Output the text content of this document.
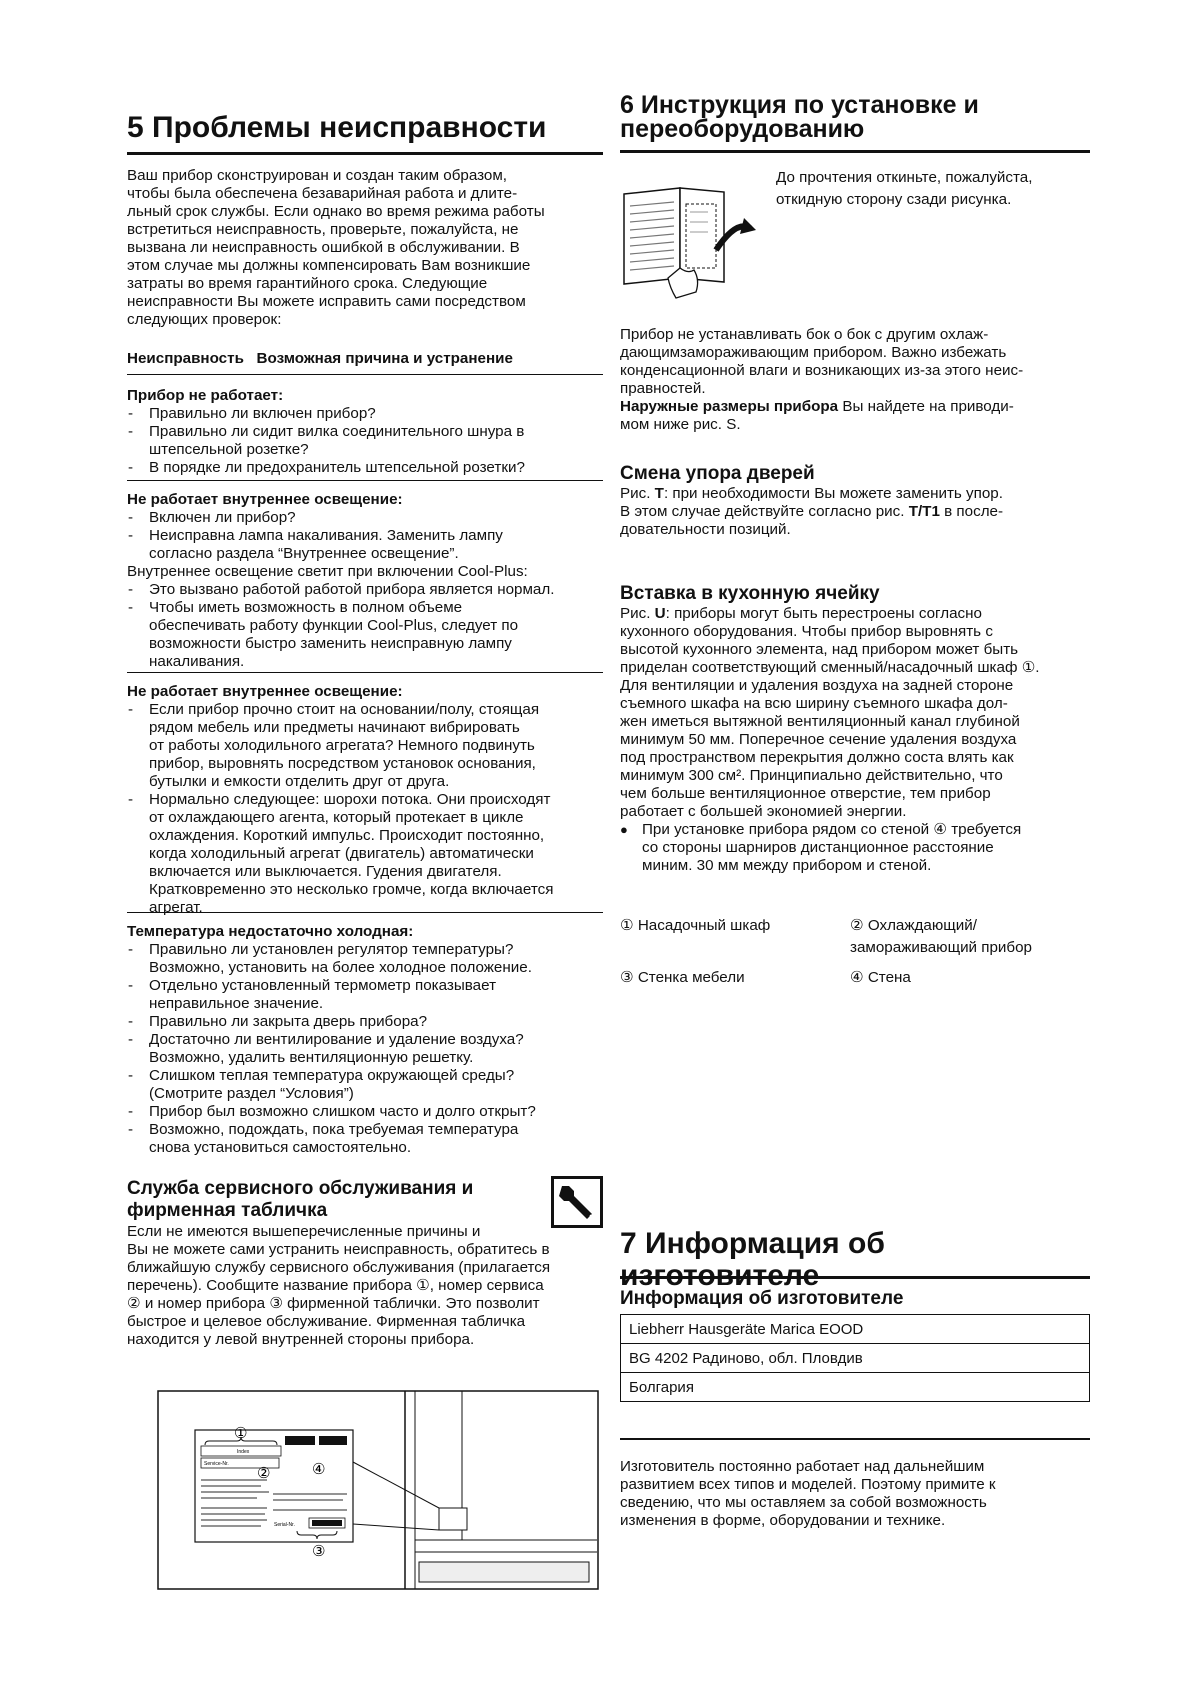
5 Проблемы неисправности

Ваш прибор сконструирован и создан таким образом,

чтобы была обеспечена безаварийная работа и длите-

льный срок службы. Если однако во время режима работы

встретиться неисправность, проверьте, пожалуйста, не

вызвана ли неисправность ошибкой в обслуживании. В

этом случае мы должны компенсировать Вам возникшие

затраты во время гарантийного срока. Следующие

неисправности Вы можете исправить сами посредством

следующих проверок:

Неисправность   Возможная причина и устранение

Прибор не работает:

- Правильно ли включен прибор?
- Правильно ли сидит вилка соединительного шнура в
штепсельной розетке?
- В порядке ли предохранитель штепсельной розетки?

Не работает внутреннее освещение:

- Включен ли прибор?
- Неисправна лампа накаливания. Заменить лампу
согласно раздела “Внутреннее освещение”.

Внутреннее освещение светит при включении Cool-Plus:

- Это вызвано работой работой прибора является нормал.
- Чтобы иметь возможность в полном объеме
обеспечивать работу функции Cool-Plus, следует по
возможности быстро заменить неисправную лампу
накаливания.

Не работает внутреннее освещение:

- Если прибор прочно стоит на основании/полу, стоящая
рядом мебель или предметы начинают вибрировать
от работы холодильного агрегата? Немного подвинуть
прибор, выровнять посредством установок основания,
бутылки и емкости отделить друг от друга.
- Нормально следующее: шорохи потока. Они происходят
от охлаждающего агента, который протекает в цикле
охлаждения. Короткий импульс. Происходит постоянно,
когда холодильный агрегат (двигатель) автоматически
включается или выключается. Гудения двигателя.
Кратковременно это несколько громче, когда включается
агрегат.

Температура недостаточно холодная:

- Правильно ли установлен регулятор температуры?
Возможно, установить на более холодное положение.
- Отдельно установленный термометр показывает
неправильное значение.
- Правильно ли закрыта дверь прибора?
- Достаточно ли вентилирование и удаление воздуха?
Возможно, удалить вентиляционную решетку.
- Слишком теплая температура окружающей среды?
(Смотрите раздел “Условия”)
- Прибор был возможно слишком часто и долго открыт?
- Возможно, подождать, пока требуемая температура
снова установиться самостоятельно.
Служба сервисного обслуживания и
фирменная табличка

Если не имеются вышеперечисленные причины и

Вы не можете сами устранить неисправность, обратитесь в

ближайшую службу сервисного обслуживания (прилагается

перечень). Сообщите название прибора ①, номер сервиса

② и номер прибора ③ фирменной таблички. Это позволит

быстрое и целевое обслуживание. Фирменная табличка

находится у левой внутренней стороны прибора.

Index
Service-Nr.
Serial-Nr.
①
②	④
③
6 Инструкция по установке и
переоборудованию

До прочтения откиньте, пожалуйста,

откидную сторону сзади рисунка.

Прибор не устанавливать бок о бок с другим охлаж-

дающимзамораживающим прибором. Важно избежать

конденсационной влаги и возникающих из-за этого неис-

правностей.

Наружные размеры прибора Вы найдете на приводи-

мом ниже рис. S.

Смена упора дверей

Рис. T: при необходимости Вы можете заменить упор.

В этом случае действуйте согласно рис. T/T1 в после-

довательности позиций.

Вставка в кухонную ячейку

Рис. U: приборы могут быть перестроены согласно

кухонного оборудования. Чтобы прибор выровнять с

высотой кухонного элемента, над прибором может быть

приделан соответствующий сменный/насадочный шкаф ①.

Для вентиляции и удаления воздуха на задней стороне

съемного шкафа на всю ширину съемного шкафа дол-

жен иметься вытяжной вентиляционный канал глубиной

минимум 50 мм. Поперечное сечение удаления воздуха

под пространством перекрытия должно соста влять как

минимум 300 см². Принципиально действительно, что

чем больше вентиляционное отверстие, тем прибор

работает с большей экономией энергии.

● При установке прибора рядом со стеной ④ требуется
со стороны шарниров дистанционное расстояние
миним. 30 мм между прибором и стеной.
① Насадочный шкаф	② Охлаждающий/
замораживающий прибор
③ Стенка мебели	④ Стена
7 Информация об изготовителе
Информация об изготовителе
Liebherr Hausgeräte Marica EOOD
BG 4202 Радиново, обл. Пловдив
Болгария

Изготовитель постоянно работает над дальнейшим

развитием всех типов и моделей. Поэтому примите к

сведению, что мы оставляем за собой возможность

изменения в форме, оборудовании и технике.
